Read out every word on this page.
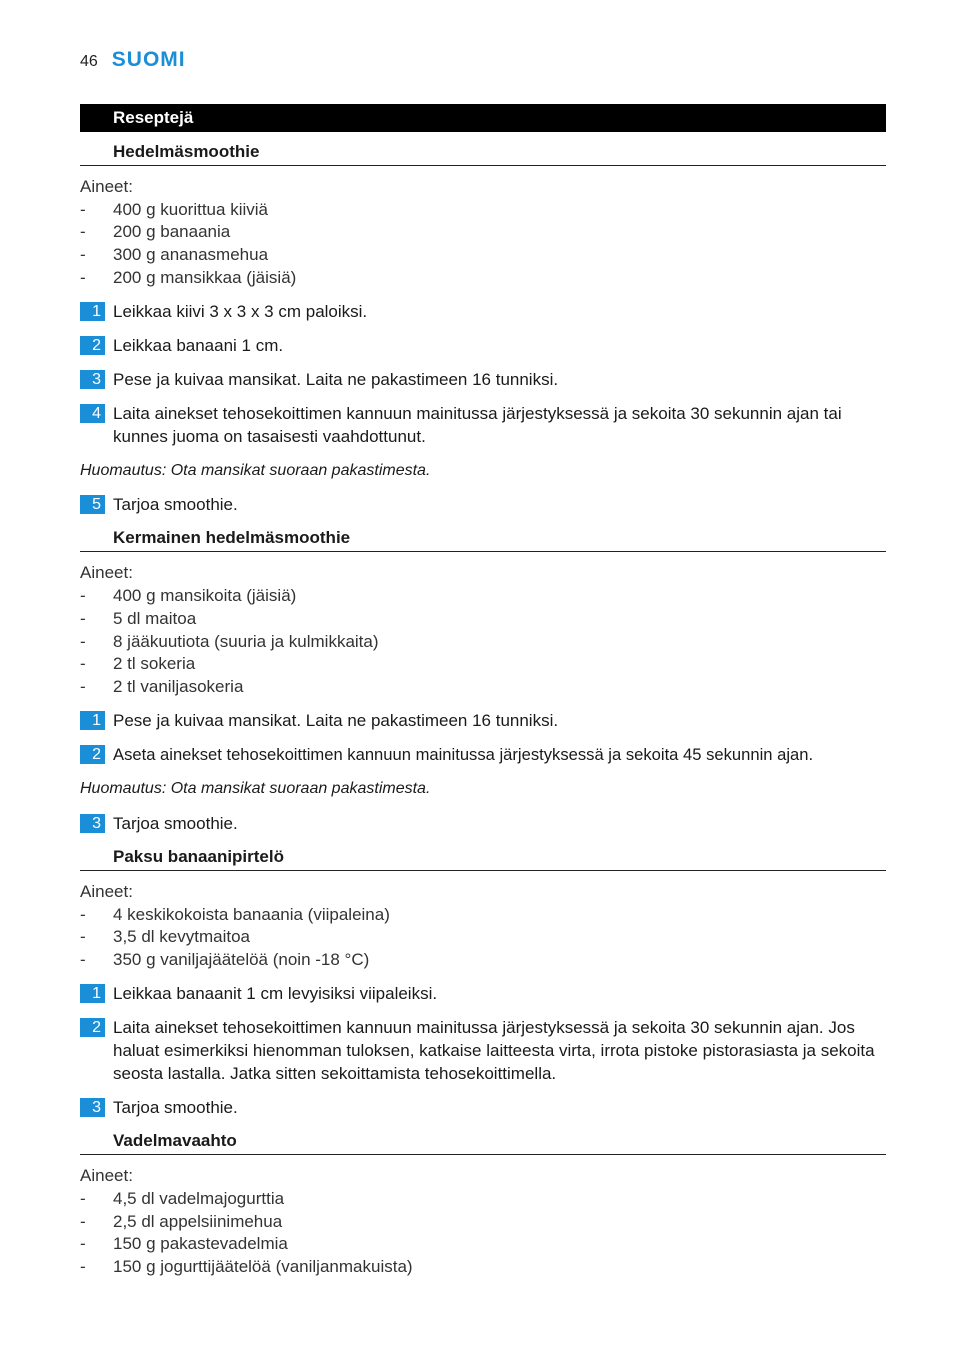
46 SUOMI
Reseptejä
Hedelmäsmoothie
Aineet:
-	400 g kuorittua kiiviä
-	200 g banaania
-	300 g ananasmehua
-	200 g mansikkaa (jäisiä)
1 Leikkaa kiivi 3 x 3 x 3 cm paloiksi.
2 Leikkaa banaani 1 cm.
3 Pese ja kuivaa mansikat. Laita ne pakastimeen 16 tunniksi.
4 Laita ainekset tehosekoittimen kannuun mainitussa järjestyksessä ja sekoita 30 sekunnin ajan tai kunnes juoma on tasaisesti vaahdottunut.
Huomautus: Ota mansikat suoraan pakastimesta.
5 Tarjoa smoothie.
Kermainen hedelmäsmoothie
Aineet:
-	400 g mansikoita (jäisiä)
-	5 dl maitoa
-	8 jääkuutiota (suuria ja kulmikkaita)
-	2 tl sokeria
-	2 tl vaniljasokeria
1 Pese ja kuivaa mansikat. Laita ne pakastimeen 16 tunniksi.
2 Aseta ainekset tehosekoittimen kannuun mainitussa järjestyksessä ja sekoita 45 sekunnin ajan.
Huomautus: Ota mansikat suoraan pakastimesta.
3 Tarjoa smoothie.
Paksu banaanipirtelö
Aineet:
-	4 keskikokoista banaania (viipaleina)
-	3,5 dl kevytmaitoa
-	350 g vaniljajäätelöä (noin -18 °C)
1 Leikkaa banaanit 1 cm levyisiksi viipaleiksi.
2 Laita ainekset tehosekoittimen kannuun mainitussa järjestyksessä ja sekoita 30 sekunnin ajan. Jos haluat esimerkiksi hienomman tuloksen, katkaise laitteesta virta, irrota pistoke pistorasiasta ja sekoita seosta lastalla. Jatka sitten sekoittamista tehosekoittimella.
3 Tarjoa smoothie.
Vadelmavaahto
Aineet:
-	4,5 dl vadelmajogurttia
-	2,5 dl appelsiinimehua
-	150 g pakastevadelmia
-	150 g jogurttijäätelöä (vaniljanmakuista)
